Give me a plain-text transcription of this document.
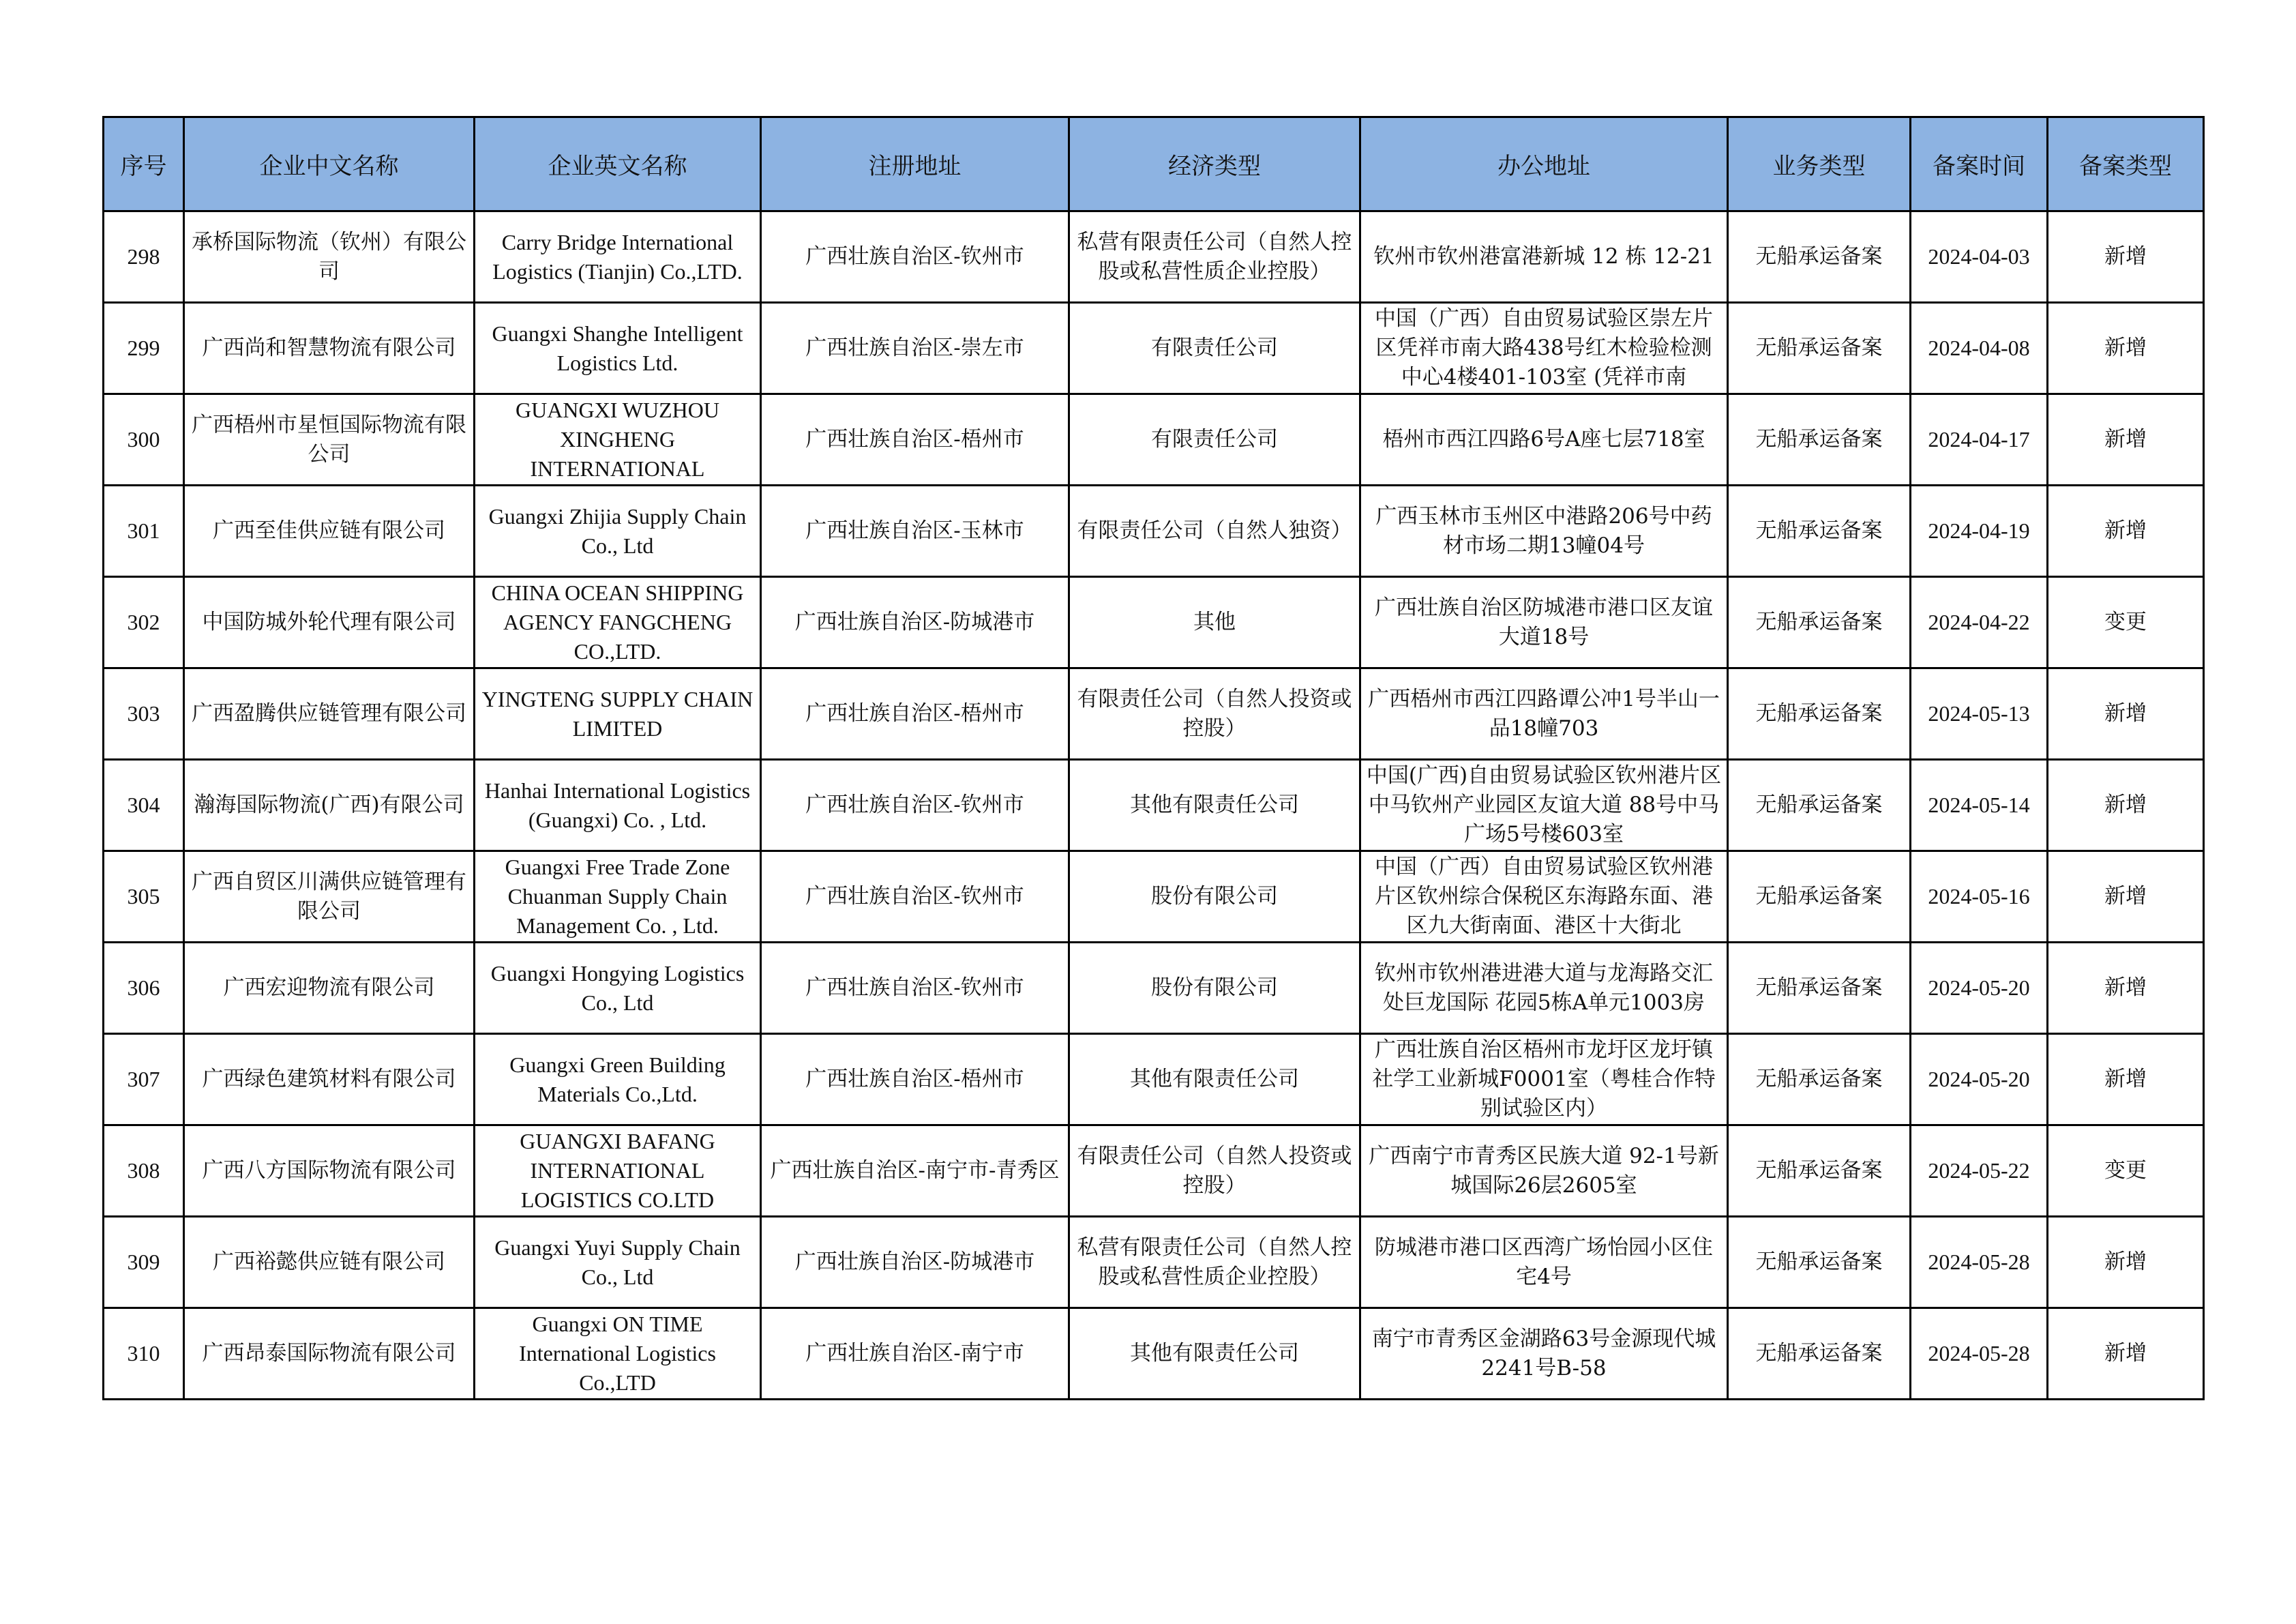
序号	企业中文名称	企业英文名称	注册地址	经济类型	办公地址	业务类型	备案时间	备案类型

298	承桥国际物流（钦州）有限公司	Carry Bridge International Logistics (Tianjin) Co.,LTD.	广西壮族自治区-钦州市	私营有限责任公司（自然人控股或私营性质企业控股）	钦州市钦州港富港新城 12 栋 12-21	无船承运备案	2024-04-03	新增

299	广西尚和智慧物流有限公司	Guangxi Shanghe Intelligent Logistics Ltd.	广西壮族自治区-崇左市	有限责任公司	中国（广西）自由贸易试验区崇左片区凭祥市南大路438号红木检验检测中心4楼401-103室 (凭祥市南	无船承运备案	2024-04-08	新增

300	广西梧州市星恒国际物流有限公司	GUANGXI WUZHOU XINGHENG INTERNATIONAL	广西壮族自治区-梧州市	有限责任公司	梧州市西江四路6号A座七层718室	无船承运备案	2024-04-17	新增

301	广西至佳供应链有限公司	Guangxi Zhijia Supply Chain Co., Ltd	广西壮族自治区-玉林市	有限责任公司（自然人独资）	广西玉林市玉州区中港路206号中药材市场二期13幢04号	无船承运备案	2024-04-19	新增

302	中国防城外轮代理有限公司	CHINA OCEAN SHIPPING AGENCY FANGCHENG CO.,LTD.	广西壮族自治区-防城港市	其他	广西壮族自治区防城港市港口区友谊大道18号	无船承运备案	2024-04-22	变更

303	广西盈腾供应链管理有限公司	YINGTENG SUPPLY CHAIN LIMITED	广西壮族自治区-梧州市	有限责任公司（自然人投资或控股）	广西梧州市西江四路谭公冲1号半山一品18幢703	无船承运备案	2024-05-13	新增

304	瀚海国际物流(广西)有限公司	Hanhai International Logistics (Guangxi) Co. , Ltd.	广西壮族自治区-钦州市	其他有限责任公司	中国(广西)自由贸易试验区钦州港片区中马钦州产业园区友谊大道 88号中马广场5号楼603室	无船承运备案	2024-05-14	新增

305	广西自贸区川满供应链管理有限公司	Guangxi Free Trade Zone Chuanman Supply Chain Management Co. , Ltd.	广西壮族自治区-钦州市	股份有限公司	中国（广西）自由贸易试验区钦州港片区钦州综合保税区东海路东面、港区九大街南面、港区十大街北	无船承运备案	2024-05-16	新增

306	广西宏迎物流有限公司	Guangxi Hongying Logistics Co., Ltd	广西壮族自治区-钦州市	股份有限公司	钦州市钦州港进港大道与龙海路交汇处巨龙国际 花园5栋A单元1003房	无船承运备案	2024-05-20	新增

307	广西绿色建筑材料有限公司	Guangxi Green Building Materials Co.,Ltd.	广西壮族自治区-梧州市	其他有限责任公司	广西壮族自治区梧州市龙圩区龙圩镇社学工业新城F0001室（粤桂合作特别试验区内）	无船承运备案	2024-05-20	新增

308	广西八方国际物流有限公司	GUANGXI BAFANG INTERNATIONAL LOGISTICS CO.LTD	广西壮族自治区-南宁市-青秀区	有限责任公司（自然人投资或控股）	广西南宁市青秀区民族大道 92-1号新城国际26层2605室	无船承运备案	2024-05-22	变更

309	广西裕懿供应链有限公司	Guangxi Yuyi Supply Chain Co., Ltd	广西壮族自治区-防城港市	私营有限责任公司（自然人控股或私营性质企业控股）	防城港市港口区西湾广场怡园小区住宅4号	无船承运备案	2024-05-28	新增

310	广西昂泰国际物流有限公司	Guangxi ON TIME International Logistics Co.,LTD	广西壮族自治区-南宁市	其他有限责任公司	南宁市青秀区金湖路63号金源现代城2241号B-58	无船承运备案	2024-05-28	新增
